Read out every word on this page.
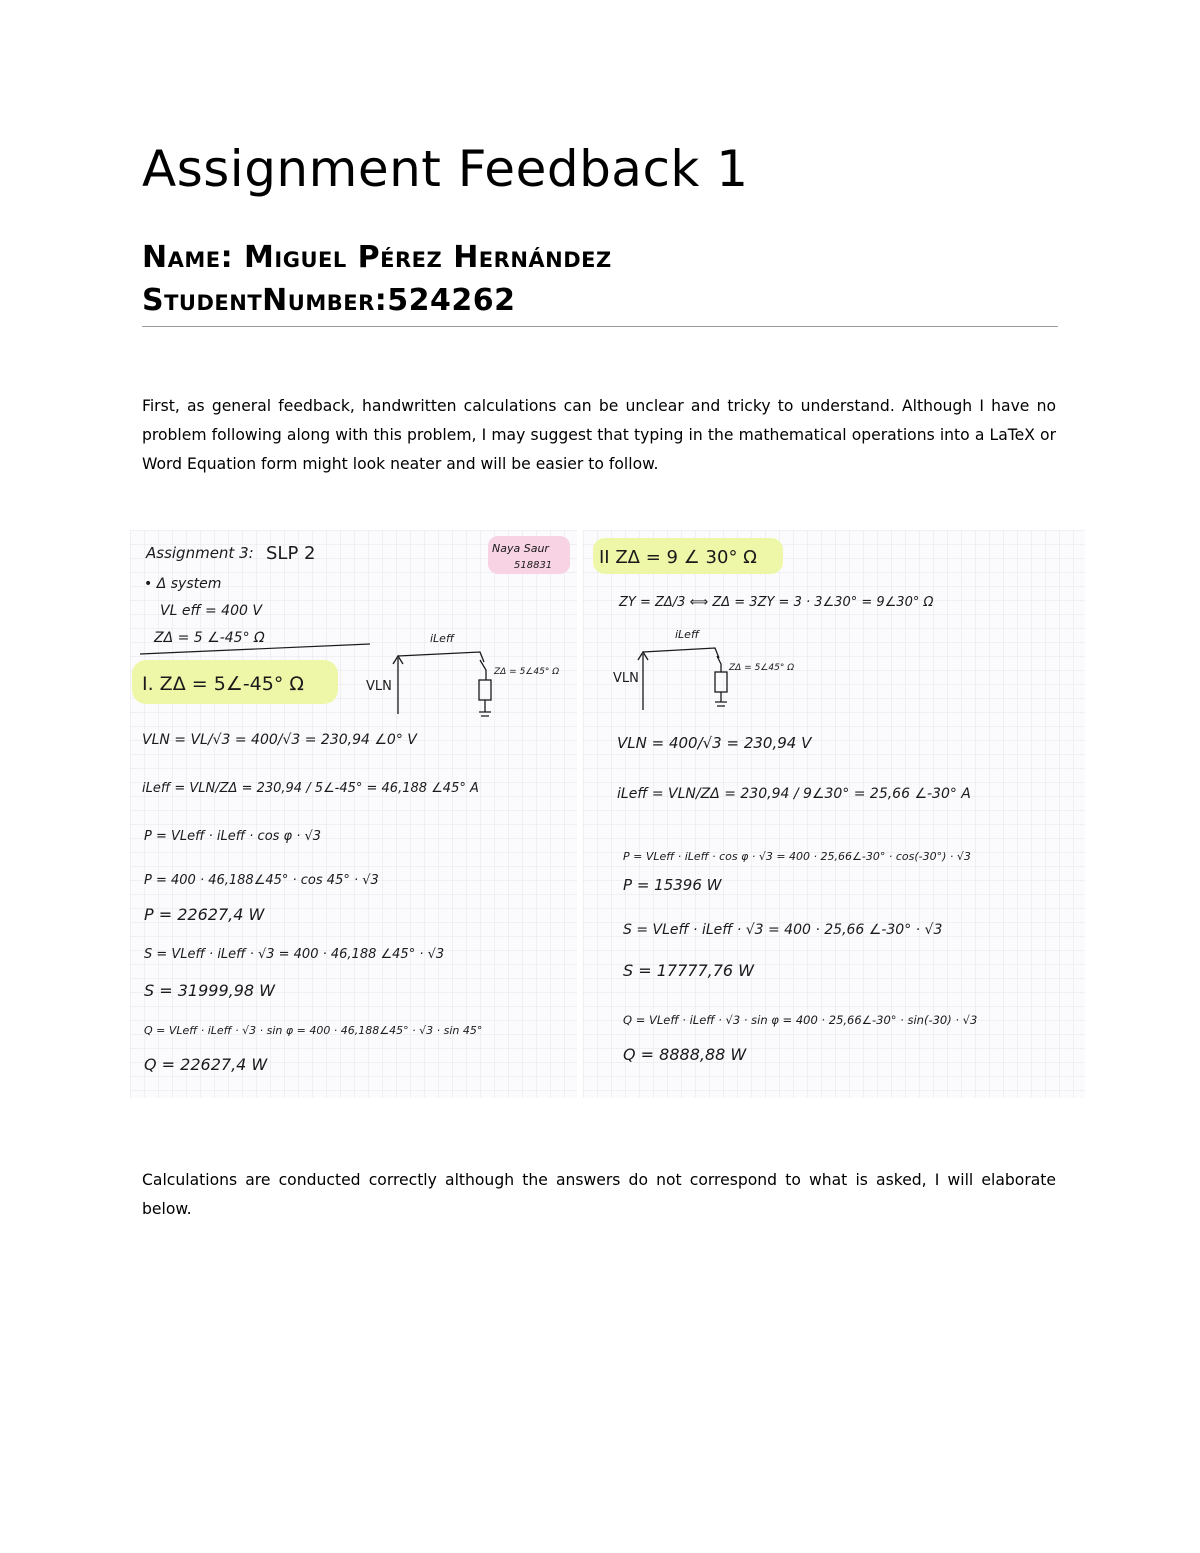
Assignment Feedback 1
Name: Miguel Pérez Hernández
StudentNumber:524262

First, as general feedback, handwritten calculations can be unclear and tricky to understand. Although I have no problem following along with this problem, I may suggest that typing in the mathematical operations into a LaTeX or Word Equation form might look neater and will be easier to follow.

Assignment 3: SLP 2	Naya Saur
518831
• Δ system
VL eff = 400 V
ZΔ = 5 ∠-45° Ω
I. ZΔ = 5∠-45° Ω	VLN
iLeff
ZΔ = 5∠45° Ω
VLN = VL/√3 = 400/√3 = 230,94 ∠0° V
iLeff = VLN/ZΔ = 230,94 / 5∠-45° = 46,188 ∠45° A
P = VLeff · iLeff · cos φ · √3
P = 400 · 46,188∠45° · cos 45° · √3
P = 22627,4 W
S = VLeff · iLeff · √3 = 400 · 46,188 ∠45° · √3
S = 31999,98 W
Q = VLeff · iLeff · √3 · sin φ = 400 · 46,188∠45° · √3 · sin 45°
Q = 22627,4 W
II ZΔ = 9 ∠ 30° Ω
ZY = ZΔ/3 ⟺ ZΔ = 3ZY = 3 · 3∠30° = 9∠30° Ω
VLN
iLeff
ZΔ = 5∠45° Ω
VLN = 400/√3 = 230,94 V
iLeff = VLN/ZΔ = 230,94 / 9∠30° = 25,66 ∠-30° A
P = VLeff · iLeff · cos φ · √3 = 400 · 25,66∠-30° · cos(-30°) · √3
P = 15396 W
S = VLeff · iLeff · √3 = 400 · 25,66 ∠-30° · √3
S = 17777,76 W
Q = VLeff · iLeff · √3 · sin φ = 400 · 25,66∠-30° · sin(-30) · √3
Q = 8888,88 W

Calculations are conducted correctly although the answers do not correspond to what is asked, I will elaborate below.
